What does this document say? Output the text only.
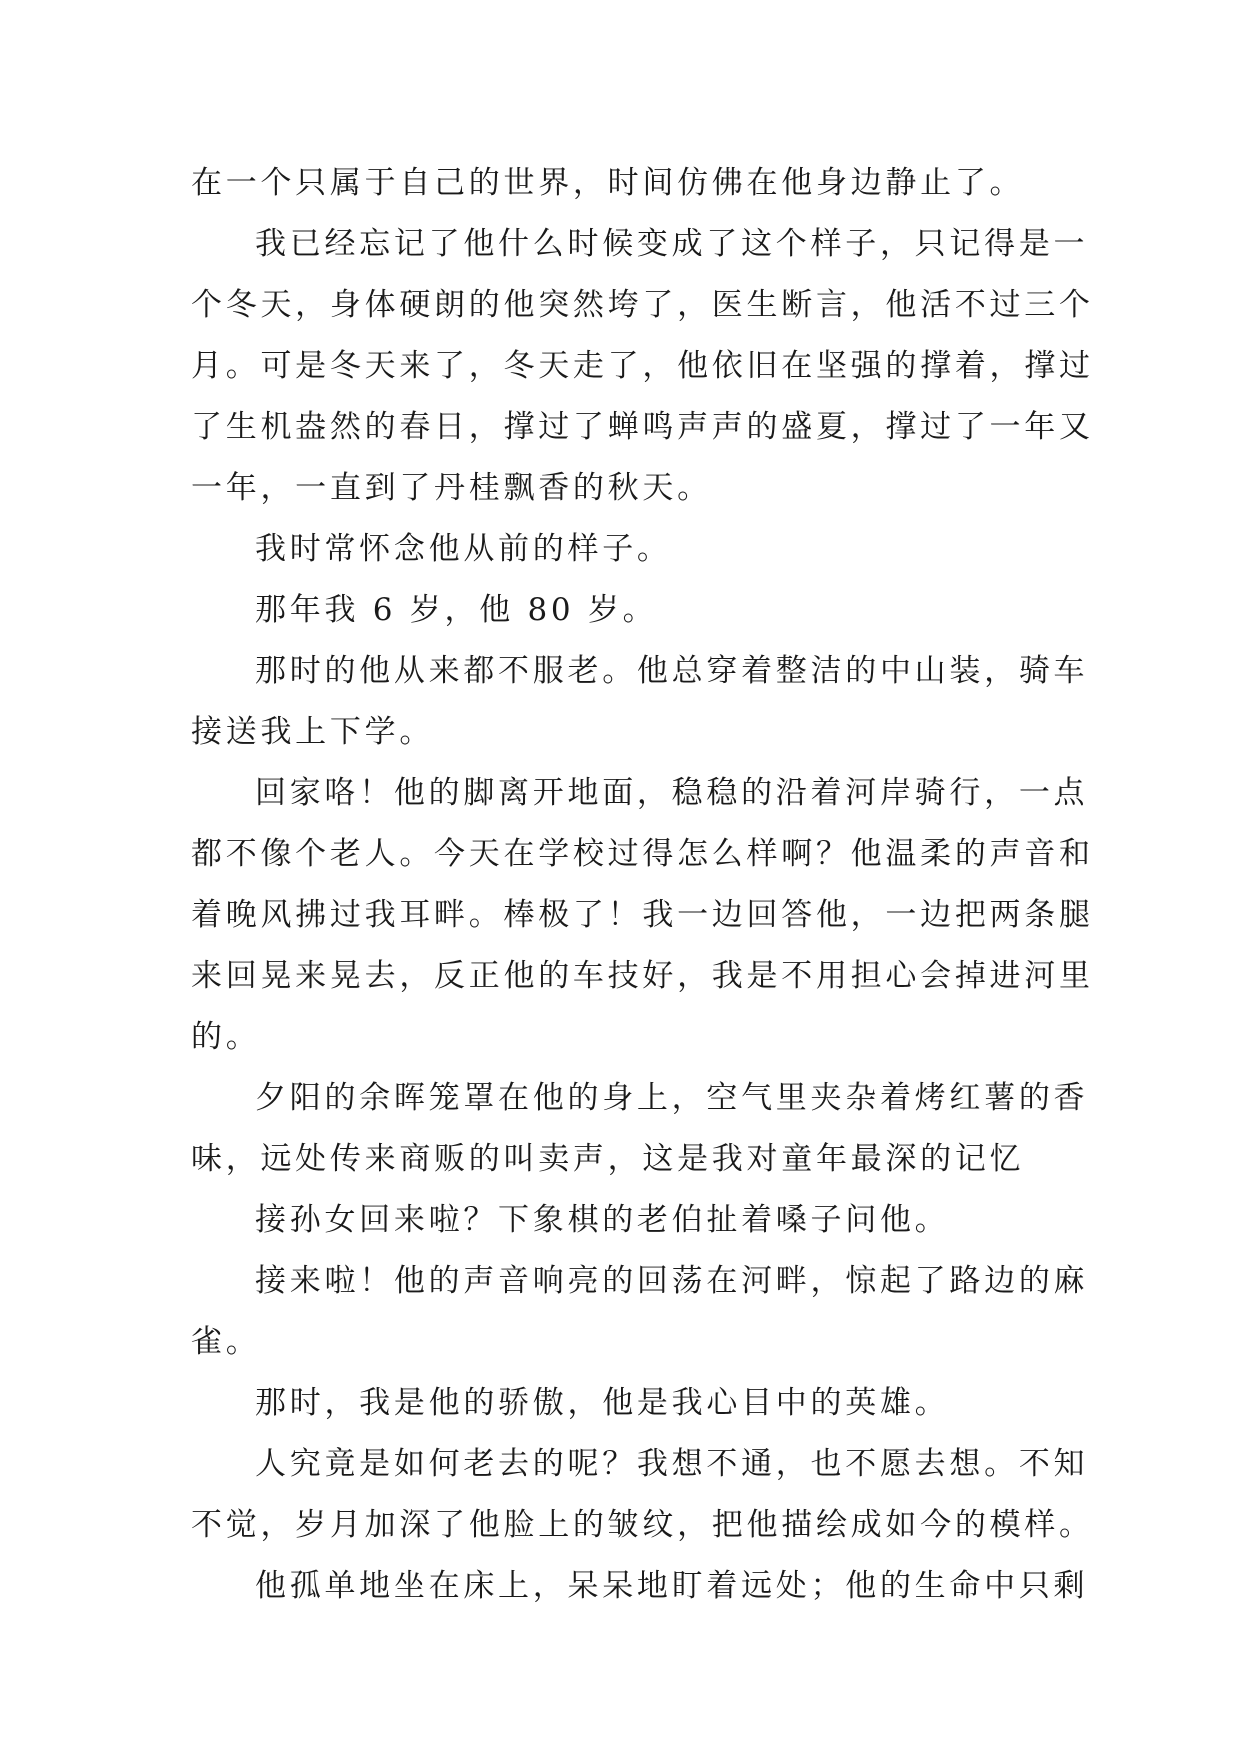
在一个只属于自己的世界，时间仿佛在他身边静止了。
我已经忘记了他什么时候变成了这个样子，只记得是一
个冬天，身体硬朗的他突然垮了，医生断言，他活不过三个
月。可是冬天来了，冬天走了，他依旧在坚强的撑着，撑过
了生机盎然的春日，撑过了蝉鸣声声的盛夏，撑过了一年又
一年，一直到了丹桂飘香的秋天。
我时常怀念他从前的样子。
那年我 6 岁，他 80 岁。
那时的他从来都不服老。他总穿着整洁的中山装，骑车
接送我上下学。
回家咯！他的脚离开地面，稳稳的沿着河岸骑行，一点
都不像个老人。今天在学校过得怎么样啊？他温柔的声音和
着晚风拂过我耳畔。棒极了！我一边回答他，一边把两条腿
来回晃来晃去，反正他的车技好，我是不用担心会掉进河里
的。
夕阳的余晖笼罩在他的身上，空气里夹杂着烤红薯的香
味，远处传来商贩的叫卖声，这是我对童年最深的记忆
接孙女回来啦？下象棋的老伯扯着嗓子问他。
接来啦！他的声音响亮的回荡在河畔，惊起了路边的麻
雀。
那时，我是他的骄傲，他是我心目中的英雄。
人究竟是如何老去的呢？我想不通，也不愿去想。不知
不觉，岁月加深了他脸上的皱纹，把他描绘成如今的模样。
他孤单地坐在床上，呆呆地盯着远处；他的生命中只剩
